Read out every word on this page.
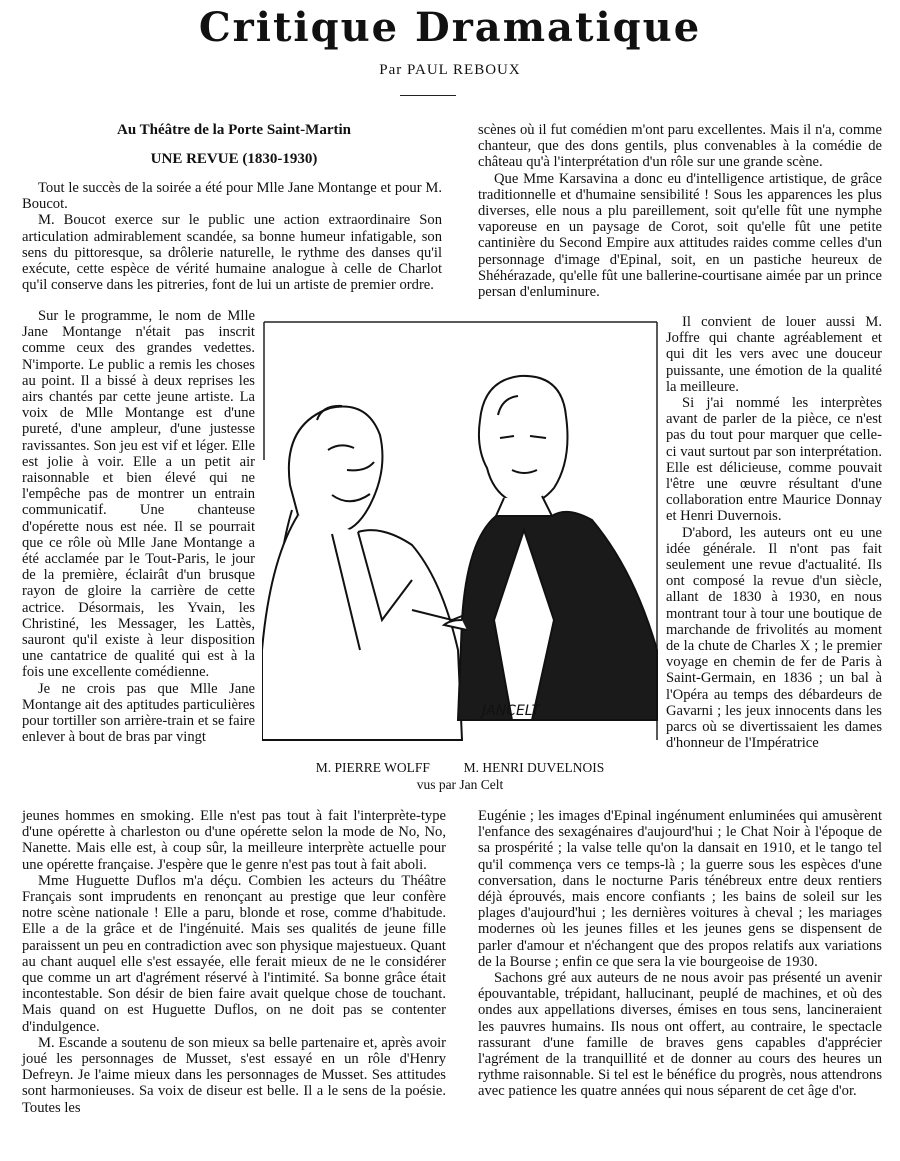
Critique Dramatique
Par PAUL REBOUX
Au Théâtre de la Porte Saint-Martin
UNE REVUE (1830-1930)

Tout le succès de la soirée a été pour Mlle Jane Montange et pour M. Boucot.

M. Boucot exerce sur le public une action extraordinaire Son articulation admirablement scandée, sa bonne humeur infatigable, son sens du pittoresque, sa drôlerie naturelle, le rythme des danses qu'il exécute, cette espèce de vérité humaine analogue à celle de Charlot qu'il conserve dans les pitreries, font de lui un artiste de premier ordre.

Sur le programme, le nom de Mlle Jane Montange n'était pas inscrit comme ceux des grandes vedettes. N'importe. Le public a remis les choses au point. Il a bissé à deux reprises les airs chantés par cette jeune artiste. La voix de Mlle Montange est d'une pureté, d'une ampleur, d'une justesse ravissantes. Son jeu est vif et léger. Elle est jolie à voir. Elle a un petit air raisonnable et bien élevé qui ne l'empêche pas de montrer un entrain communicatif. Une chanteuse d'opérette nous est née. Il se pourrait que ce rôle où Mlle Jane Montange a été acclamée par le Tout-Paris, le jour de la première, éclairât d'un brusque rayon de gloire la carrière de cette actrice. Désormais, les Yvain, les Christiné, les Messager, les Lattès, sauront qu'il existe à leur disposition une cantatrice de qualité qui est à la fois une excellente comédienne.

Je ne crois pas que Mlle Jane Montange ait des aptitudes particulières pour tortiller son arrière-train et se faire enlever à bout de bras par vingt

scènes où il fut comédien m'ont paru excellentes. Mais il n'a, comme chanteur, que des dons gentils, plus convenables à la comédie de château qu'à l'interprétation d'un rôle sur une grande scène.

Que Mme Karsavina a donc eu d'intelligence artistique, de grâce traditionnelle et d'humaine sensibilité ! Sous les apparences les plus diverses, elle nous a plu pareillement, soit qu'elle fût une nymphe vaporeuse en un paysage de Corot, soit qu'elle fût une petite cantinière du Second Empire aux attitudes raides comme celles d'un personnage d'image d'Epinal, soit, en un pastiche heureux de Shéhérazade, qu'elle fût une ballerine-courtisane aimée par un prince persan d'enluminure.

Il convient de louer aussi M. Joffre qui chante agréablement et qui dit les vers avec une douceur puissante, une émotion de la qualité la meilleure.

Si j'ai nommé les interprètes avant de parler de la pièce, ce n'est pas du tout pour marquer que celle-ci vaut surtout par son interprétation. Elle est délicieuse, comme pouvait l'être une œuvre résultant d'une collaboration entre Maurice Donnay et Henri Duvernois.

D'abord, les auteurs ont eu une idée générale. Il n'ont pas fait seulement une revue d'actualité. Ils ont composé la revue d'un siècle, allant de 1830 à 1930, en nous montrant tour à tour une boutique de marchande de frivolités au moment de la chute de Charles X ; le premier voyage en chemin de fer de Paris à Saint-Germain, en 1836 ; un bal à l'Opéra au temps des débardeurs de Gavarni ; les jeux innocents dans les parcs où se divertissaient les dames d'honneur de l'Impératrice

JANCELT
M. PIERRE WOLFF          M. HENRI DUVELNOIS
vus par Jan Celt

jeunes hommes en smoking. Elle n'est pas tout à fait l'interprète-type d'une opérette à charleston ou d'une opérette selon la mode de No, No, Nanette. Mais elle est, à coup sûr, la meilleure interprète actuelle pour une opérette française. J'espère que le genre n'est pas tout à fait aboli.

Mme Huguette Duflos m'a déçu. Combien les acteurs du Théâtre Français sont imprudents en renonçant au prestige que leur confère notre scène nationale ! Elle a paru, blonde et rose, comme d'habitude. Elle a de la grâce et de l'ingénuité. Mais ses qualités de jeune fille paraissent un peu en contradiction avec son physique majestueux. Quant au chant auquel elle s'est essayée, elle ferait mieux de ne le considérer que comme un art d'agrément réservé à l'intimité. Sa bonne grâce était incontestable. Son désir de bien faire avait quelque chose de touchant. Mais quand on est Huguette Duflos, on ne doit pas se contenter d'indulgence.

M. Escande a soutenu de son mieux sa belle partenaire et, après avoir joué les personnages de Musset, s'est essayé en un rôle d'Henry Defreyn. Je l'aime mieux dans les personnages de Musset. Ses attitudes sont harmonieuses. Sa voix de diseur est belle. Il a le sens de la poésie. Toutes les

Eugénie ; les images d'Epinal ingénument enluminées qui amusèrent l'enfance des sexagénaires d'aujourd'hui ; le Chat Noir à l'époque de sa prospérité ; la valse telle qu'on la dansait en 1910, et le tango tel qu'il commença vers ce temps-là ; la guerre sous les espèces d'une conversation, dans le nocturne Paris ténébreux entre deux rentiers déjà éprouvés, mais encore confiants ; les bains de soleil sur les plages d'aujourd'hui ; les dernières voitures à cheval ; les mariages modernes où les jeunes filles et les jeunes gens se dispensent de parler d'amour et n'échangent que des propos relatifs aux variations de la Bourse ; enfin ce que sera la vie bourgeoise de 1930.

Sachons gré aux auteurs de ne nous avoir pas présenté un avenir épouvantable, trépidant, hallucinant, peuplé de machines, et où des ondes aux appellations diverses, émises en tous sens, lancineraient les pauvres humains. Ils nous ont offert, au contraire, le spectacle rassurant d'une famille de braves gens capables d'apprécier l'agrément de la tranquillité et de donner au cours des heures un rythme raisonnable. Si tel est le bénéfice du progrès, nous attendrons avec patience les quatre années qui nous séparent de cet âge d'or.
